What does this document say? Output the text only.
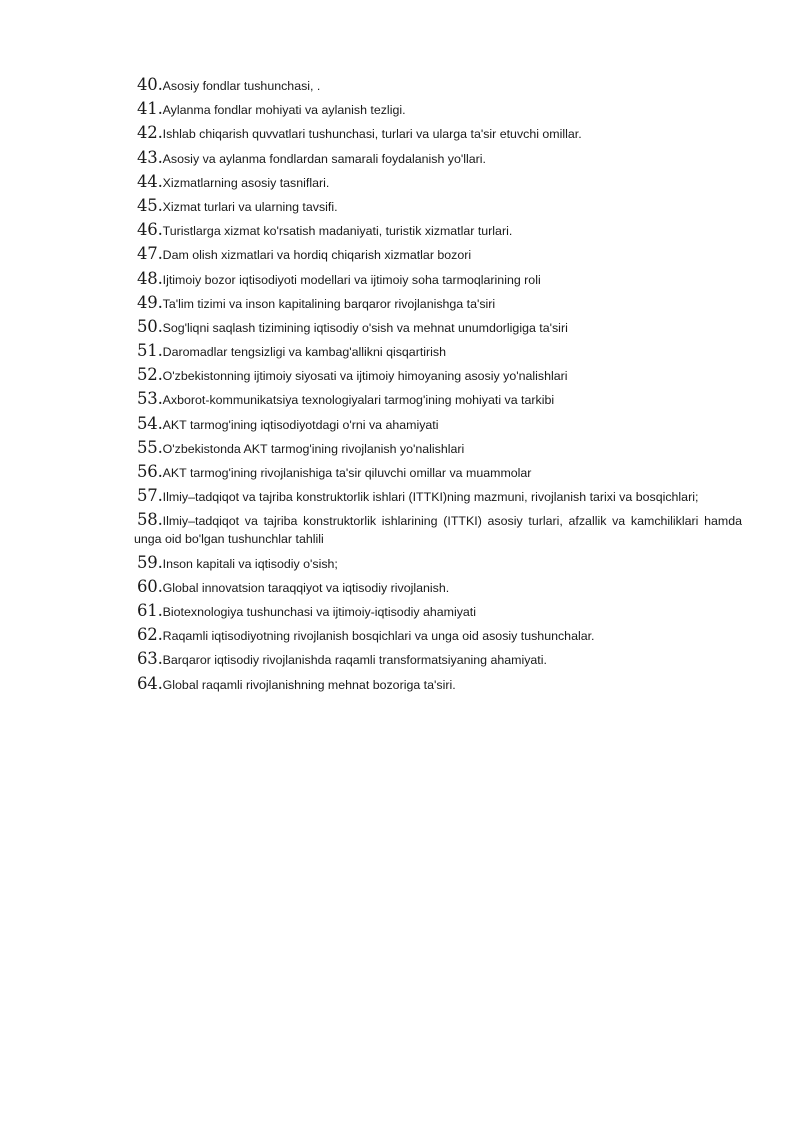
40.Asosiy fondlar tushunchasi, .
41.Aylanma fondlar mohiyati va aylanish tezligi.
42.Ishlab chiqarish quvvatlari tushunchasi, turlari va ularga ta'sir etuvchi omillar.
43.Asosiy va aylanma fondlardan samarali foydalanish yo'llari.
44.Xizmatlarning asosiy tasniflari.
45.Xizmat turlari va ularning tavsifi.
46.Turistlarga xizmat ko'rsatish madaniyati, turistik xizmatlar turlari.
47.Dam olish xizmatlari va hordiq chiqarish xizmatlar bozori
48.Ijtimoiy bozor iqtisodiyoti modellari va ijtimoiy soha tarmoqlarining roli
49.Ta'lim tizimi va inson kapitalining barqaror rivojlanishga ta'siri
50.Sog'liqni saqlash tizimining iqtisodiy o'sish va mehnat unumdorligiga ta'siri
51.Daromadlar tengsizligi va kambag'allikni qisqartirish
52.O'zbekistonning ijtimoiy siyosati va ijtimoiy himoyaning asosiy yo'nalishlari
53.Axborot-kommunikatsiya texnologiyalari tarmog'ining mohiyati va tarkibi
54.AKT tarmog'ining iqtisodiyotdagi o'rni va ahamiyati
55.O'zbekistonda AKT tarmog'ining rivojlanish yo'nalishlari
56.AKT tarmog'ining rivojlanishiga ta'sir qiluvchi omillar va muammolar
57.Ilmiy–tadqiqot va tajriba konstruktorlik ishlari (ITTKI)ning mazmuni, rivojlanish tarixi va bosqichlari;
58.Ilmiy–tadqiqot va tajriba konstruktorlik ishlarining (ITTKI) asosiy turlari, afzallik va kamchiliklari hamda unga oid bo'lgan tushunchlar tahlili
59.Inson kapitali va iqtisodiy o'sish;
60.Global innovatsion taraqqiyot va iqtisodiy rivojlanish.
61.Biotexnologiya tushunchasi va ijtimoiy-iqtisodiy ahamiyati
62.Raqamli iqtisodiyotning rivojlanish bosqichlari va unga oid asosiy tushunchalar.
63.Barqaror iqtisodiy rivojlanishda raqamli transformatsiyaning ahamiyati.
64.Global raqamli rivojlanishning mehnat bozoriga ta'siri.
